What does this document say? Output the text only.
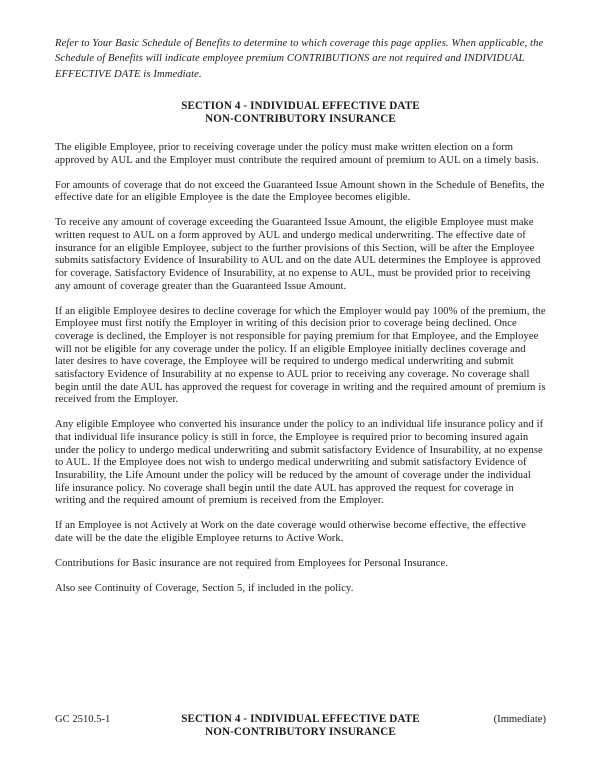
Refer to Your Basic Schedule of Benefits to determine to which coverage this page applies. When applicable, the Schedule of Benefits will indicate employee premium CONTRIBUTIONS are not required and INDIVIDUAL EFFECTIVE DATE is Immediate.

SECTION 4 - INDIVIDUAL EFFECTIVE DATE
NON-CONTRIBUTORY INSURANCE

The eligible Employee, prior to receiving coverage under the policy must make written election on a form approved by AUL and the Employer must contribute the required amount of premium to AUL on a timely basis.

For amounts of coverage that do not exceed the Guaranteed Issue Amount shown in the Schedule of Benefits, the effective date for an eligible Employee is the date the Employee becomes eligible.

To receive any amount of coverage exceeding the Guaranteed Issue Amount, the eligible Employee must make written request to AUL on a form approved by AUL and undergo medical underwriting. The effective date of insurance for an eligible Employee, subject to the further provisions of this Section, will be after the Employee submits satisfactory Evidence of Insurability to AUL and on the date AUL determines the Employee is approved for coverage. Satisfactory Evidence of Insurability, at no expense to AUL, must be provided prior to receiving any amount of coverage greater than the Guaranteed Issue Amount.

If an eligible Employee desires to decline coverage for which the Employer would pay 100% of the premium, the Employee must first notify the Employer in writing of this decision prior to coverage being declined. Once coverage is declined, the Employer is not responsible for paying premium for that Employee, and the Employee will not be eligible for any coverage under the policy. If an eligible Employee initially declines coverage and later desires to have coverage, the Employee will be required to undergo medical underwriting and submit satisfactory Evidence of Insurability at no expense to AUL prior to receiving any coverage. No coverage shall begin until the date AUL has approved the request for coverage in writing and the required amount of premium is received from the Employer.

Any eligible Employee who converted his insurance under the policy to an individual life insurance policy and if that individual life insurance policy is still in force, the Employee is required prior to becoming insured again under the policy to undergo medical underwriting and submit satisfactory Evidence of Insurability, at no expense to AUL. If the Employee does not wish to undergo medical underwriting and submit satisfactory Evidence of Insurability, the Life Amount under the policy will be reduced by the amount of coverage under the individual life insurance policy. No coverage shall begin until the date AUL has approved the request for coverage in writing and the required amount of premium is received from the Employer.

If an Employee is not Actively at Work on the date coverage would otherwise become effective, the effective date will be the date the eligible Employee returns to Active Work.

Contributions for Basic insurance are not required from Employees for Personal Insurance.

Also see Continuity of Coverage, Section 5, if included in the policy.

GC 2510.5-1	(Immediate)
SECTION 4 - INDIVIDUAL EFFECTIVE DATE
NON-CONTRIBUTORY INSURANCE
